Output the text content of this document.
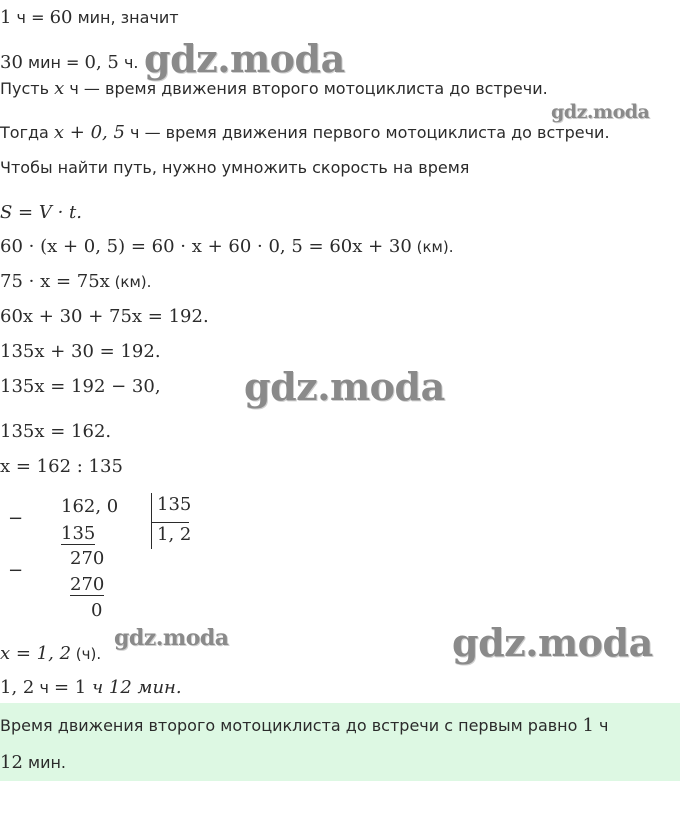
1 ч = 60 мин, значит
30 мин = 0, 5 ч.
Пусть x ч — время движения второго мотоциклиста до встречи.
Тогда x + 0, 5 ч — время движения первого мотоциклиста до встречи.
Чтобы найти путь, нужно умножить скорость на время
S = V · t.
60 · (x + 0, 5) = 60 · x + 60 · 0, 5 = 60x + 30 (км).
75 · x = 75x (км).
60x + 30 + 75x = 192.
135x + 30 = 192.
135x = 192 − 30,
135x = 162.
x = 162 : 135
−
162, 0 135
135	1, 2
−
270
270
0
x = 1, 2 (ч).
1, 2 ч = 1 ч 12 мин.
Время движения второго мотоциклиста до встречи с первым равно 1 ч
12 мин.
gdz.moda
gdz.moda
gdz.moda
gdz.moda	gdz.moda
